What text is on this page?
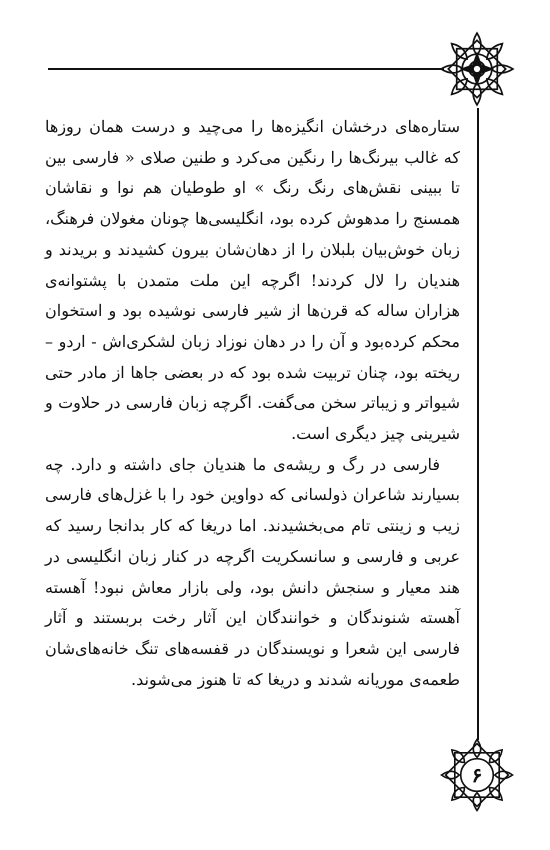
۶

ستاره‌های درخشان انگیزه‌ها را می‌چید و درست همان روزها که غالب بیرنگ‌ها را رنگین می‌کرد و طنین صلای « فارسی بین تا ببینی نقش‌های رنگ رنگ » او طوطیان هم نوا و نقاشان همسنج را مدهوش کرده بود، انگلیسی‌ها چونان مغولان فرهنگ، زبان خوش‌بیان بلبلان را از دهان‌شان بیرون کشیدند و بریدند و هندیان را لال کردند! اگرچه این ملت متمدن با پشتوانه‌ی هزاران ساله که قرن‌ها از شیر فارسی نوشیده بود و استخوان محکم کرده‌بود و آن را در دهان نوزاد زبان لشکری‌اش - اردو – ریخته بود، چنان تربیت شده بود که در بعضی جاها از مادر حتی شیواتر و زیباتر سخن می‌گفت. اگرچه زبان فارسی در حلاوت و شیرینی چیز دیگری است.

فارسی در رگ و ریشه‌ی ما هندیان جای داشته و دارد. چه بسیارند شاعران ذولسانی که دواوین خود را با غزل‌های فارسی زیب و زینتی تام می‌بخشیدند. اما دریغا که کار بدانجا رسید که عربی و فارسی و سانسکریت اگرچه در کنار زبان انگلیسی در هند معیار و سنجش دانش بود، ولی بازار معاش نبود! آهسته آهسته شنوندگان و خوانندگان این آثار رخت بربستند و آثار فارسی این شعرا و نویسندگان در قفسه‌های تنگ خانه‌های‌شان طعمه‌ی موریانه شدند و دریغا که تا هنوز می‌شوند.
